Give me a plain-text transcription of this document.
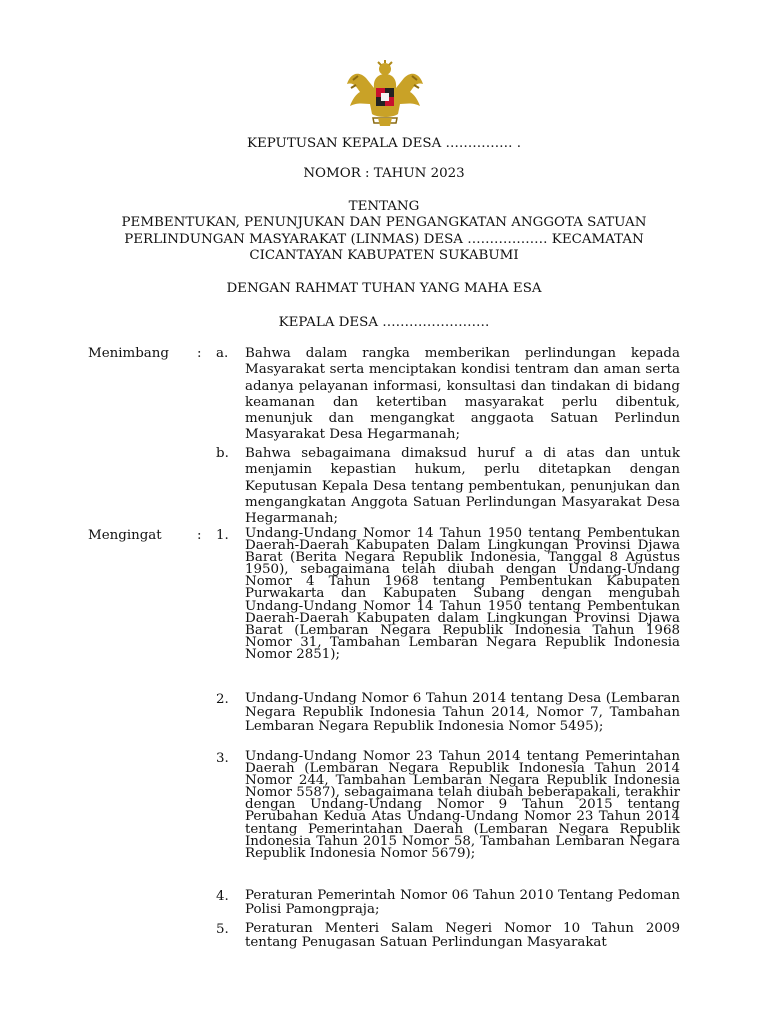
KEPUTUSAN KEPALA DESA …………… .
NOMOR : TAHUN 2023
TENTANG
PEMBENTUKAN, PENUNJUKAN DAN PENGANGKATAN ANGGOTA SATUAN
PERLINDUNGAN MASYARAKAT (LINMAS) DESA ……………… KECAMATAN
CICANTAYAN KABUPATEN SUKABUMI
DENGAN RAHMAT TUHAN YANG MAHA ESA
KEPALA DESA ……………………
Menimbang : a. Bahwa dalam rangka memberikan perlindungan kepada Masyarakat serta menciptakan kondisi tentram dan aman serta adanya pelayanan informasi, konsultasi dan tindakan di bidang keamanan dan ketertiban masyarakat perlu dibentuk, menunjuk dan mengangkat anggaota Satuan Perlindun Masyarakat Desa Hegarmanah;
b. Bahwa sebagaimana dimaksud huruf a di atas dan untuk menjamin kepastian hukum, perlu ditetapkan dengan Keputusan Kepala Desa tentang pembentukan, penunjukan dan mengangkatan Anggota Satuan Perlindungan Masyarakat Desa Hegarmanah;
Mengingat	: 1. Undang-Undang Nomor 14 Tahun 1950 tentang Pembentukan Daerah-Daerah Kabupaten Dalam Lingkungan Provinsi Djawa Barat (Berita Negara Republik Indonesia, Tanggal 8 Agustus 1950), sebagaimana telah diubah dengan Undang-Undang Nomor 4 Tahun 1968 tentang Pembentukan Kabupaten Purwakarta dan Kabupaten Subang dengan mengubah Undang-Undang Nomor 14 Tahun 1950 tentang Pembentukan Daerah-Daerah Kabupaten dalam Lingkungan Provinsi Djawa Barat (Lembaran Negara Republik Indonesia Tahun 1968 Nomor 31, Tambahan Lembaran Negara Republik Indonesia Nomor 2851);
2. Undang-Undang Nomor 6 Tahun 2014 tentang Desa (Lembaran Negara Republik Indonesia Tahun 2014, Nomor 7, Tambahan Lembaran Negara Republik Indonesia Nomor 5495);
3. Undang-Undang Nomor 23 Tahun 2014 tentang Pemerintahan Daerah (Lembaran Negara Republik Indonesia Tahun 2014 Nomor 244, Tambahan Lembaran Negara Republik Indonesia Nomor 5587), sebagaimana telah diubah beberapakali, terakhir dengan Undang-Undang Nomor 9 Tahun 2015 tentang Perubahan Kedua Atas Undang-Undang Nomor 23 Tahun 2014 tentang Pemerintahan Daerah (Lembaran Negara Republik Indonesia Tahun 2015 Nomor 58, Tambahan Lembaran Negara Republik Indonesia Nomor 5679);
4. Peraturan Pemerintah Nomor 06 Tahun 2010 Tentang Pedoman Polisi Pamongpraja;
5. Peraturan Menteri Salam Negeri Nomor 10 Tahun 2009 tentang Penugasan Satuan Perlindungan Masyarakat
